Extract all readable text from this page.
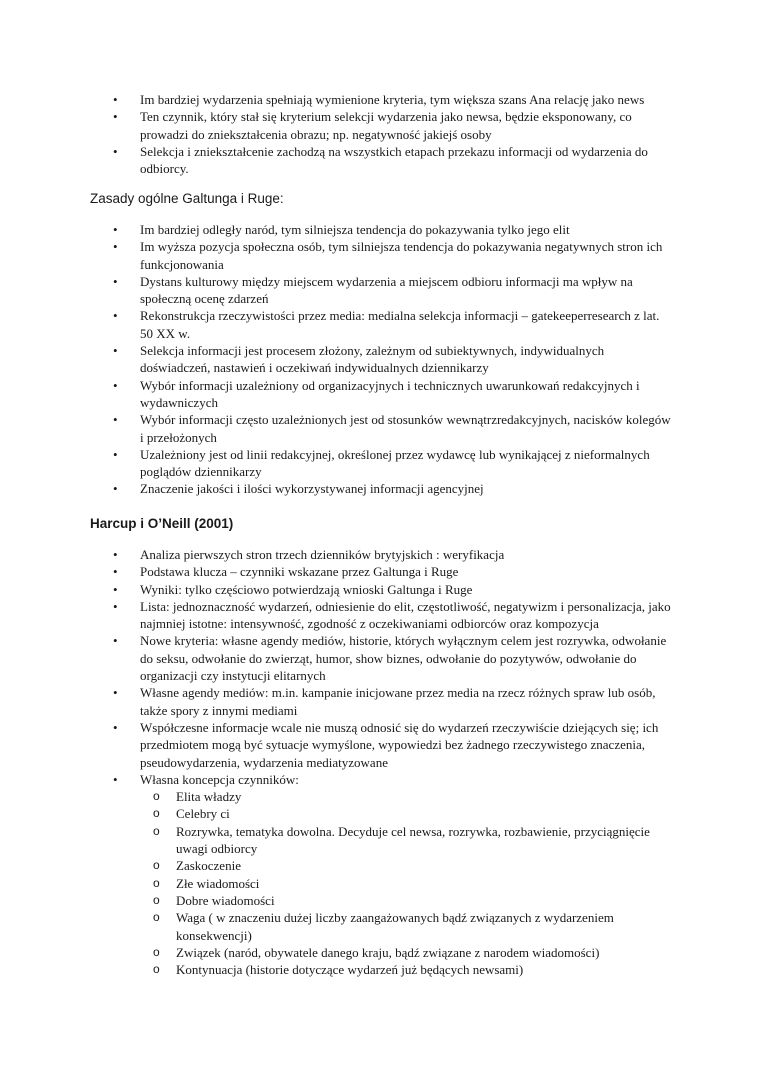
• Im bardziej wydarzenia spełniają wymienione kryteria, tym większa szans Ana relację jako news
• Ten czynnik, który stał się kryterium selekcji wydarzenia jako newsa, będzie eksponowany, co prowadzi do zniekształcenia obrazu; np. negatywność jakiejś osoby
• Selekcja i zniekształcenie zachodzą na wszystkich etapach przekazu informacji od wydarzenia do odbiorcy.
Zasady ogólne Galtunga i Ruge:
• Im bardziej odległy naród, tym silniejsza tendencja do pokazywania tylko jego elit
• Im wyższa pozycja społeczna osób, tym silniejsza tendencja do pokazywania negatywnych stron ich funkcjonowania
• Dystans kulturowy między miejscem wydarzenia a miejscem odbioru informacji ma wpływ na społeczną ocenę zdarzeń
• Rekonstrukcja rzeczywistości przez media: medialna selekcja informacji – gatekeeperresearch z lat. 50 XX w.
• Selekcja informacji jest procesem złożony, zależnym od subiektywnych, indywidualnych doświadczeń, nastawień i oczekiwań indywidualnych dziennikarzy
• Wybór informacji uzależniony od organizacyjnych i technicznych uwarunkowań redakcyjnych i wydawniczych
• Wybór informacji często uzależnionych jest od stosunków wewnątrzredakcyjnych, nacisków kolegów i przełożonych
• Uzależniony jest od linii redakcyjnej, określonej przez wydawcę lub wynikającej z nieformalnych poglądów dziennikarzy
• Znaczenie jakości i ilości wykorzystywanej informacji agencyjnej
Harcup i O’Neill (2001)
• Analiza pierwszych stron trzech dzienników brytyjskich : weryfikacja
• Podstawa klucza – czynniki wskazane przez Galtunga i Ruge
• Wyniki: tylko częściowo potwierdzają wnioski Galtunga i Ruge
• Lista: jednoznaczność wydarzeń, odniesienie do elit, częstotliwość, negatywizm i personalizacja, jako najmniej istotne: intensywność, zgodność z oczekiwaniami odbiorców oraz kompozycja
• Nowe kryteria: własne agendy mediów, historie, których wyłącznym celem jest rozrywka, odwołanie do seksu, odwołanie do zwierząt, humor, show biznes, odwołanie do pozytywów, odwołanie do organizacji czy instytucji elitarnych
• Własne agendy mediów: m.in. kampanie inicjowane przez media na rzecz różnych spraw lub osób, także spory z innymi mediami
• Współczesne informacje wcale nie muszą odnosić się do wydarzeń rzeczywiście dziejących się; ich przedmiotem mogą być sytuacje wymyślone, wypowiedzi bez żadnego rzeczywistego znaczenia, pseudowydarzenia, wydarzenia mediatyzowane
• Własna koncepcja czynników:
o Elita władzy
o Celebry ci
o Rozrywka, tematyka dowolna. Decyduje cel newsa, rozrywka, rozbawienie, przyciągnięcie uwagi odbiorcy
o Zaskoczenie
o Złe wiadomości
o Dobre wiadomości
o Waga ( w znaczeniu dużej liczby zaangażowanych bądź związanych z wydarzeniem konsekwencji)
o Związek (naród, obywatele danego kraju, bądź związane z narodem wiadomości)
o Kontynuacja (historie dotyczące wydarzeń już będących newsami)
